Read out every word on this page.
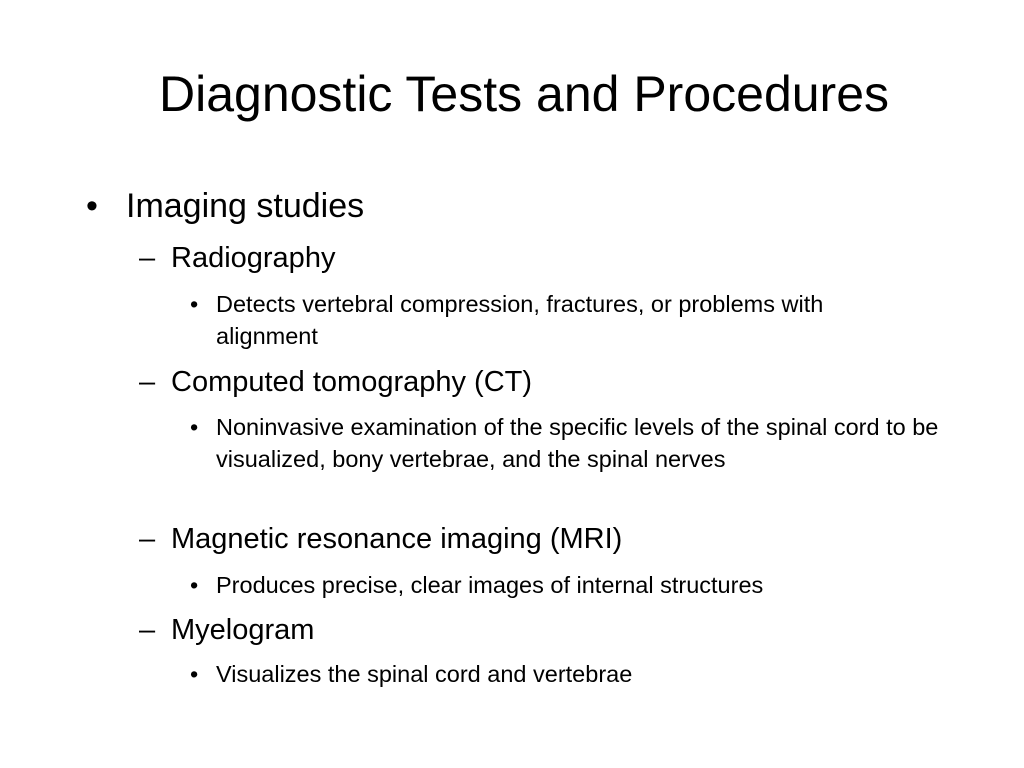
Diagnostic Tests and Procedures
• Imaging studies
– Radiography
• Detects vertebral compression, fractures, or problems with alignment
– Computed tomography (CT)
• Noninvasive examination of the specific levels of the spinal cord to be visualized, bony vertebrae, and the spinal nerves
– Magnetic resonance imaging (MRI)
• Produces precise, clear images of internal structures
– Myelogram
• Visualizes the spinal cord and vertebrae
